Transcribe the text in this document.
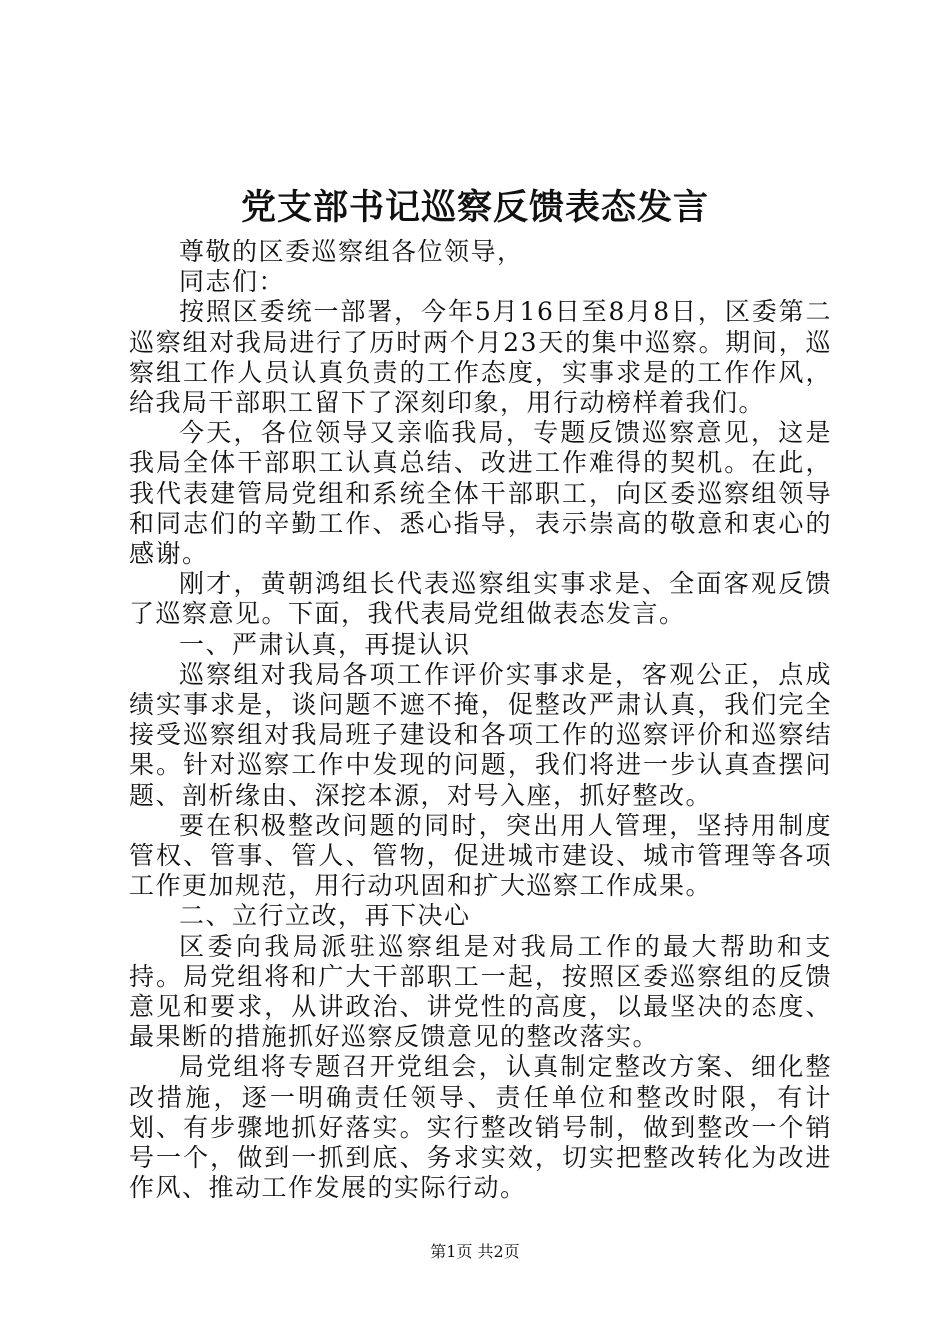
党支部书记巡察反馈表态发言

尊敬的区委巡察组各位领导，

同志们：

按照区委统一部署，今年5月16日至8月8日，区委第二巡察组对我局进行了历时两个月23天的集中巡察。期间，巡察组工作人员认真负责的工作态度，实事求是的工作作风，给我局干部职工留下了深刻印象，用行动榜样着我们。

今天，各位领导又亲临我局，专题反馈巡察意见，这是我局全体干部职工认真总结、改进工作难得的契机。在此，我代表建管局党组和系统全体干部职工，向区委巡察组领导和同志们的辛勤工作、悉心指导，表示崇高的敬意和衷心的感谢。

刚才，黄朝鸿组长代表巡察组实事求是、全面客观反馈了巡察意见。下面，我代表局党组做表态发言。

一、严肃认真，再提认识

巡察组对我局各项工作评价实事求是，客观公正，点成绩实事求是，谈问题不遮不掩，促整改严肃认真，我们完全接受巡察组对我局班子建设和各项工作的巡察评价和巡察结果。针对巡察工作中发现的问题，我们将进一步认真查摆问题、剖析缘由、深挖本源，对号入座，抓好整改。

要在积极整改问题的同时，突出用人管理，坚持用制度管权、管事、管人、管物，促进城市建设、城市管理等各项工作更加规范，用行动巩固和扩大巡察工作成果。

二、立行立改，再下决心

区委向我局派驻巡察组是对我局工作的最大帮助和支持。局党组将和广大干部职工一起，按照区委巡察组的反馈意见和要求，从讲政治、讲党性的高度，以最坚决的态度、最果断的措施抓好巡察反馈意见的整改落实。

局党组将专题召开党组会，认真制定整改方案、细化整改措施，逐一明确责任领导、责任单位和整改时限，有计划、有步骤地抓好落实。实行整改销号制，做到整改一个销号一个，做到一抓到底、务求实效，切实把整改转化为改进作风、推动工作发展的实际行动。

第1页 共2页
